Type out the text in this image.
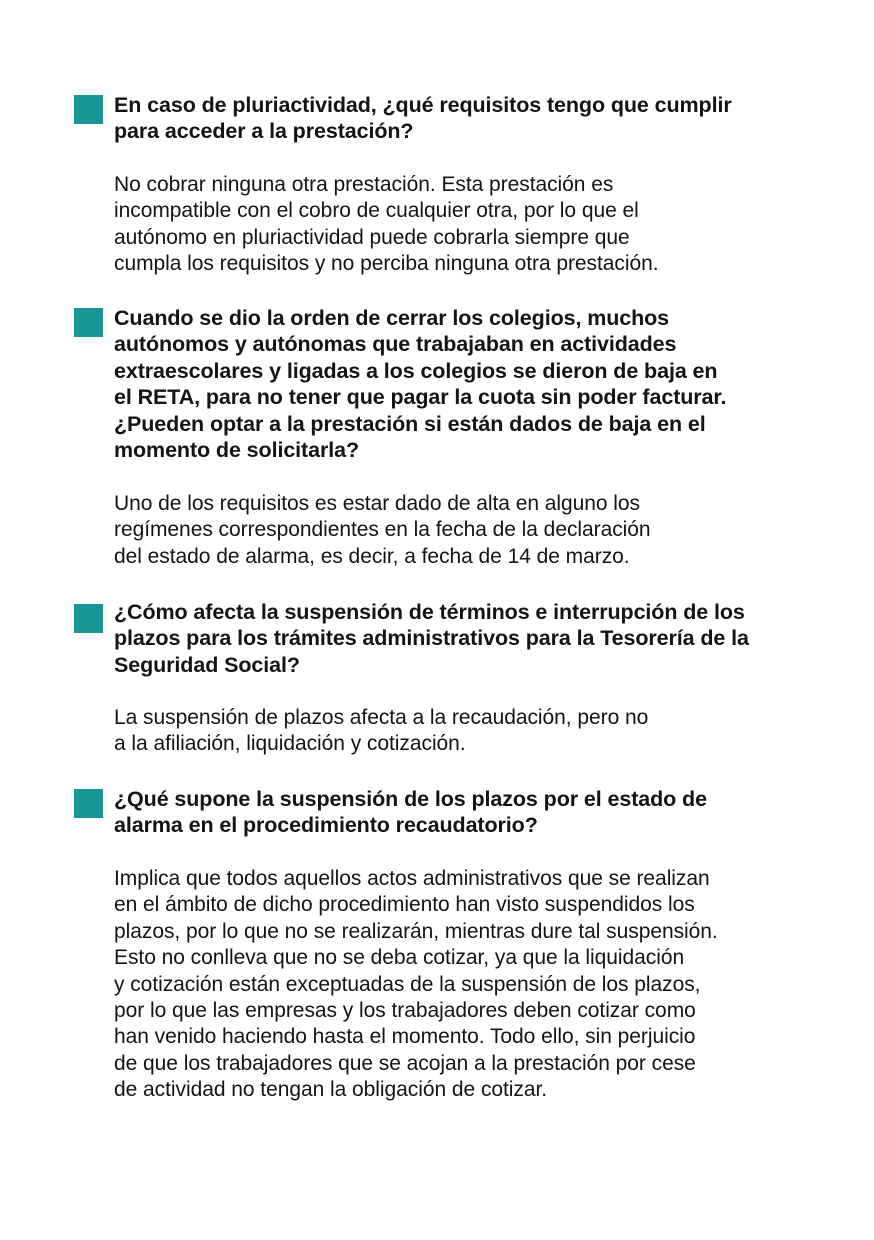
En caso de pluriactividad, ¿qué requisitos tengo que cumplir
para acceder a la prestación?

No cobrar ninguna otra prestación. Esta prestación es
incompatible con el cobro de cualquier otra, por lo que el
autónomo en pluriactividad puede cobrarla siempre que
cumpla los requisitos y no perciba ninguna otra prestación.

Cuando se dio la orden de cerrar los colegios, muchos
autónomos y autónomas que trabajaban en actividades
extraescolares y ligadas a los colegios se dieron de baja en
el RETA, para no tener que pagar la cuota sin poder facturar.
¿Pueden optar a la prestación si están dados de baja en el
momento de solicitarla?

Uno de los requisitos es estar dado de alta en alguno los
regímenes correspondientes en la fecha de la declaración
del estado de alarma, es decir, a fecha de 14 de marzo.

¿Cómo afecta la suspensión de términos e interrupción de los
plazos para los trámites administrativos para la Tesorería de la
Seguridad Social?

La suspensión de plazos afecta a la recaudación, pero no
a la afiliación, liquidación y cotización.

¿Qué supone la suspensión de los plazos por el estado de
alarma en el procedimiento recaudatorio?

Implica que todos aquellos actos administrativos que se realizan
en el ámbito de dicho procedimiento han visto suspendidos los
plazos, por lo que no se realizarán, mientras dure tal suspensión.
Esto no conlleva que no se deba cotizar, ya que la liquidación
y cotización están exceptuadas de la suspensión de los plazos,
por lo que las empresas y los trabajadores deben cotizar como
han venido haciendo hasta el momento. Todo ello, sin perjuicio
de que los trabajadores que se acojan a la prestación por cese
de actividad no tengan la obligación de cotizar.
